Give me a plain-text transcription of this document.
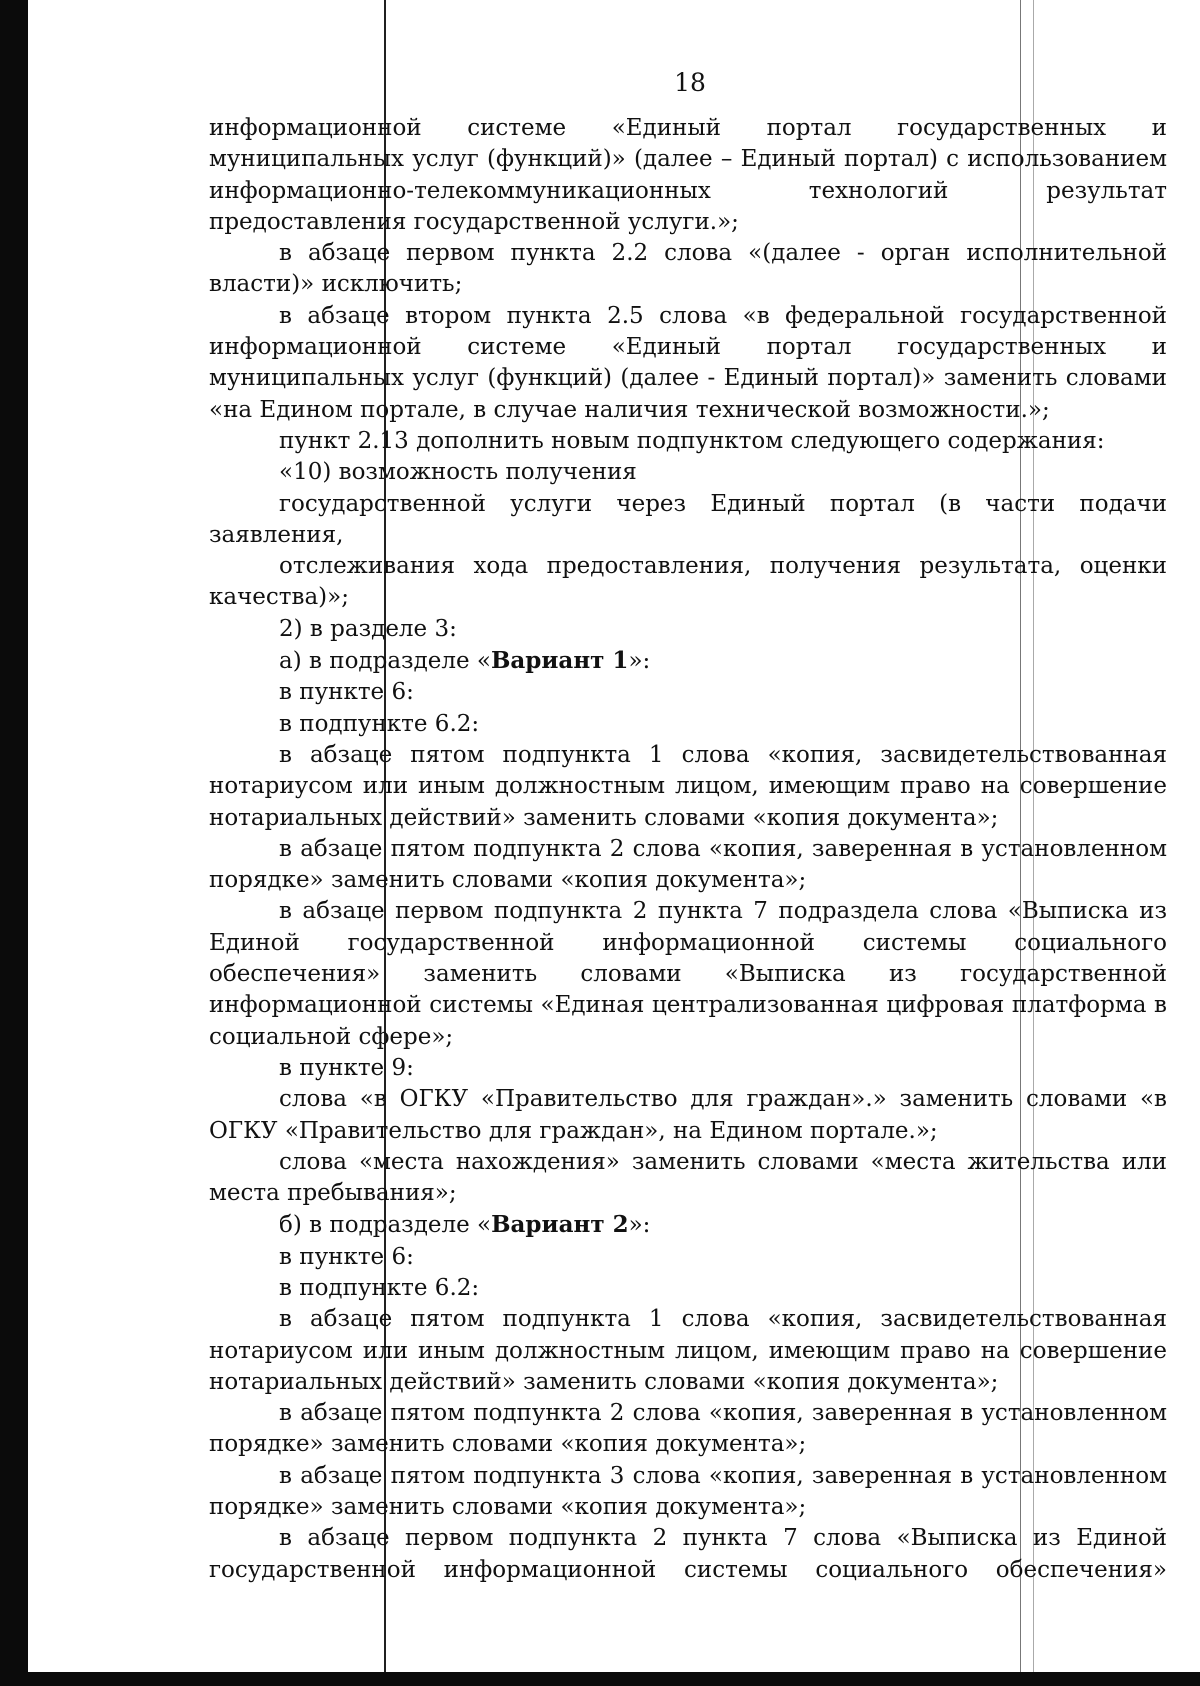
18

информационной системе «Единый портал государственных и муниципальных услуг (функций)» (далее – Единый портал) с использованием информационно-телекоммуникационных технологий результат предоставления государственной услуги.»;

в абзаце первом пункта 2.2 слова «(далее - орган исполнительной власти)» исключить;

в абзаце втором пункта 2.5 слова «в федеральной государственной информационной системе «Единый портал государственных и муниципальных услуг (функций) (далее - Единый портал)» заменить словами «на Едином портале, в случае наличия технической возможности.»;

пункт 2.13 дополнить новым подпунктом следующего содержания:

«10) возможность получения

государственной услуги через Единый портал (в части подачи заявления,

отслеживания хода предоставления, получения результата, оценки качества)»;

2) в разделе 3:

а) в подразделе «Вариант 1»:

в пункте 6:

в подпункте 6.2:

в абзаце пятом подпункта 1 слова «копия, засвидетельствованная нотариусом или иным должностным лицом, имеющим право на совершение нотариальных действий» заменить словами «копия документа»;

в абзаце пятом подпункта 2 слова «копия, заверенная в установленном порядке» заменить словами «копия документа»;

в абзаце первом подпункта 2 пункта 7 подраздела слова «Выписка из Единой государственной информационной системы социального обеспечения» заменить словами «Выписка из государственной информационной системы «Единая централизованная цифровая платформа в социальной сфере»;

в пункте 9:

слова «в ОГКУ «Правительство для граждан».» заменить словами «в ОГКУ «Правительство для граждан», на Едином портале.»;

слова «места нахождения» заменить словами «места жительства или места пребывания»;

б) в подразделе «Вариант 2»:

в пункте 6:

в подпункте 6.2:

в абзаце пятом подпункта 1 слова «копия, засвидетельствованная нотариусом или иным должностным лицом, имеющим право на совершение нотариальных действий» заменить словами «копия документа»;

в абзаце пятом подпункта 2 слова «копия, заверенная в установленном порядке» заменить словами «копия документа»;

в абзаце пятом подпункта 3 слова «копия, заверенная в установленном порядке» заменить словами «копия документа»;

в абзаце первом подпункта 2 пункта 7 слова «Выписка из Единой государственной информационной системы социального обеспечения»
